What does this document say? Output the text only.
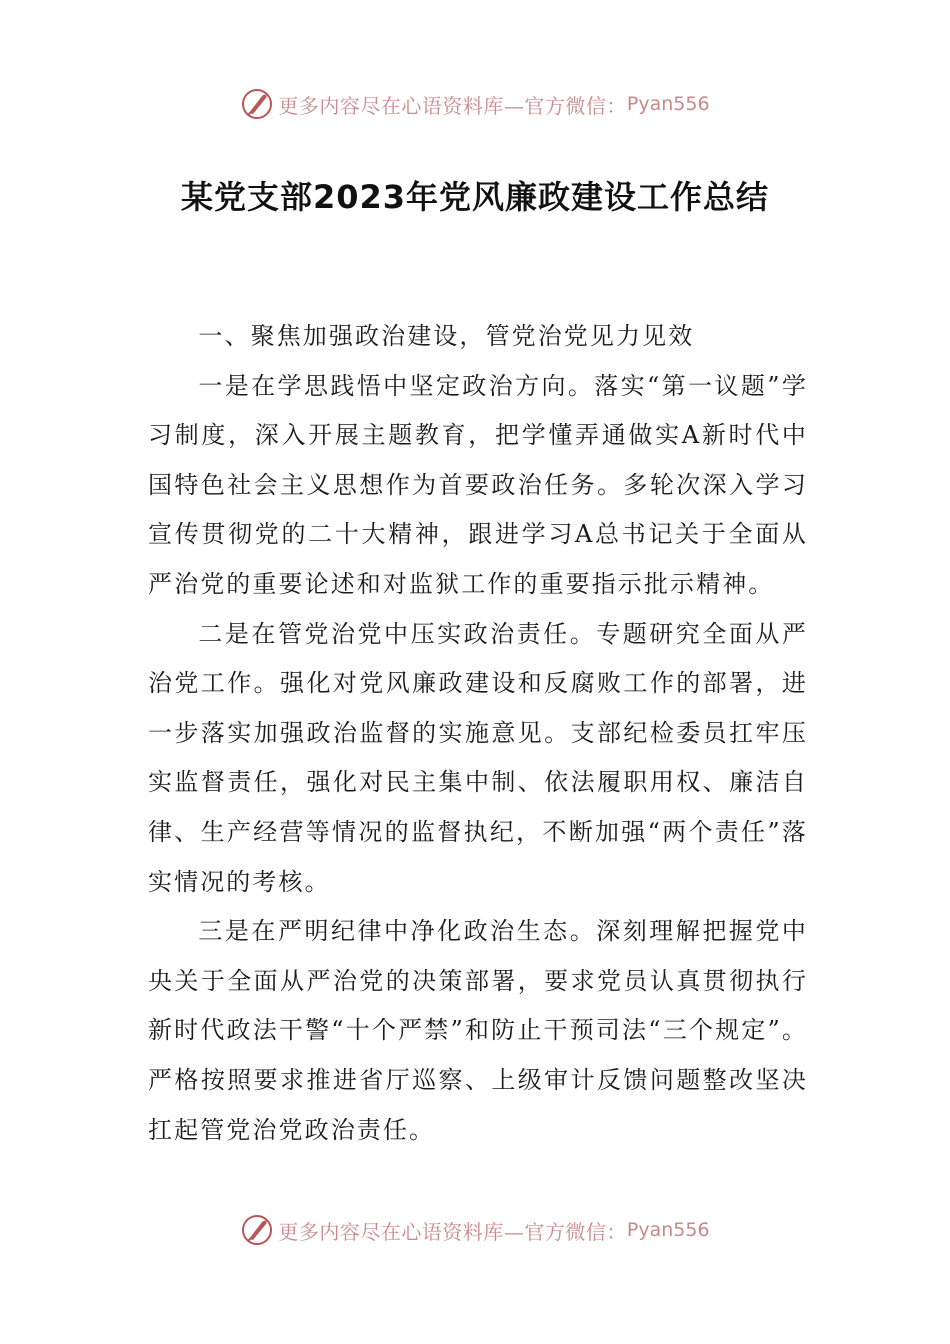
更多内容尽在心语资料库—官方微信： Pyan556
某党支部2023年党风廉政建设工作总结

一、聚焦加强政治建设，管党治党见力见效

一是在学思践悟中坚定政治方向。落实“第一议题”学习制度，深入开展主题教育，把学懂弄通做实A新时代中国特色社会主义思想作为首要政治任务。多轮次深入学习宣传贯彻党的二十大精神，跟进学习A总书记关于全面从严治党的重要论述和对监狱工作的重要指示批示精神。

二是在管党治党中压实政治责任。专题研究全面从严治党工作。强化对党风廉政建设和反腐败工作的部署，进一步落实加强政治监督的实施意见。支部纪检委员扛牢压实监督责任，强化对民主集中制、依法履职用权、廉洁自律、生产经营等情况的监督执纪，不断加强“两个责任”落实情况的考核。

三是在严明纪律中净化政治生态。深刻理解把握党中央关于全面从严治党的决策部署，要求党员认真贯彻执行新时代政法干警“十个严禁”和防止干预司法“三个规定”。严格按照要求推进省厅巡察、上级审计反馈问题整改坚决扛起管党治党政治责任。

更多内容尽在心语资料库—官方微信： Pyan556
